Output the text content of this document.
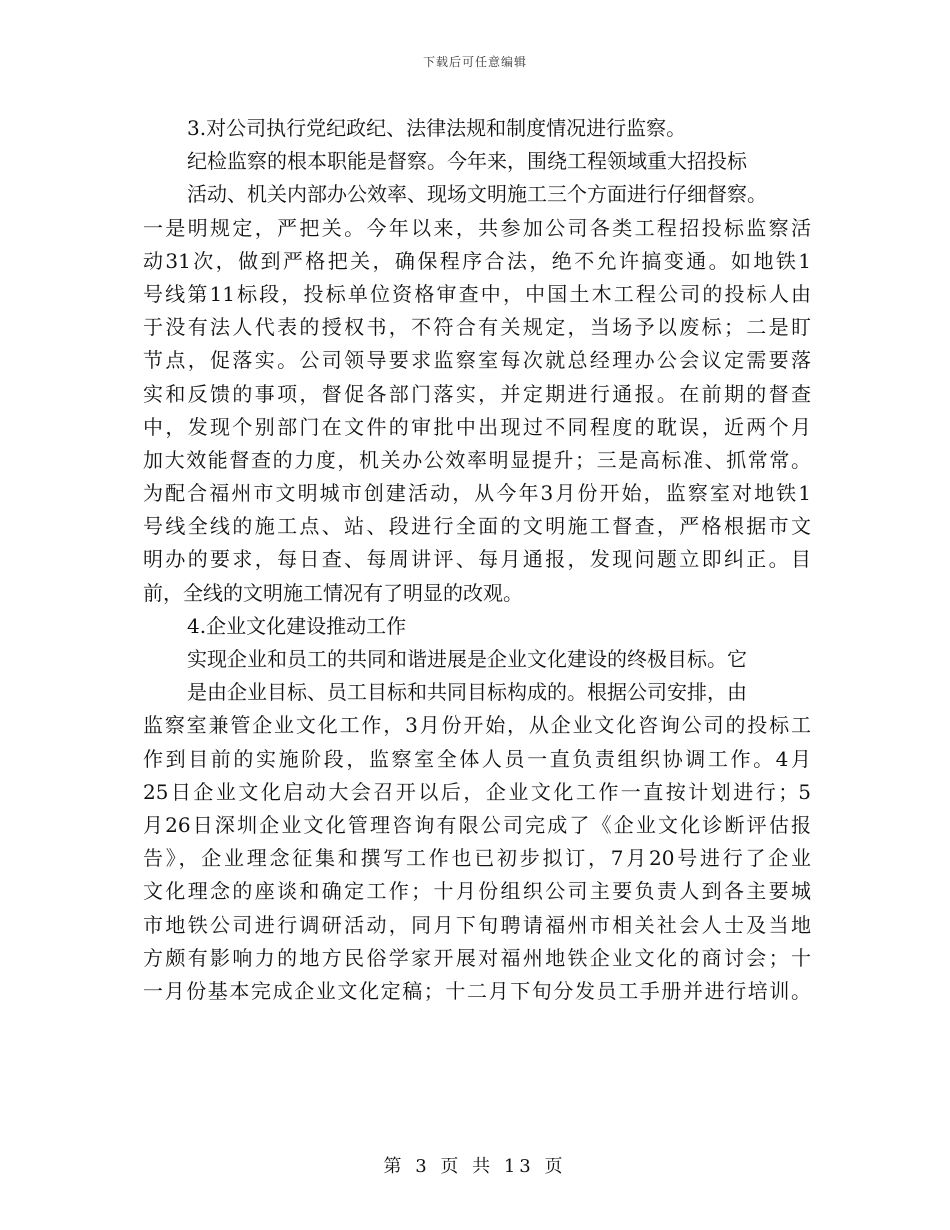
下载后可任意编辑
3.对公司执行党纪政纪、法律法规和制度情况进行监察。
纪检监察的根本职能是督察。今年来，围绕工程领域重大招投标
活动、机关内部办公效率、现场文明施工三个方面进行仔细督察。
一是明规定，严把关。今年以来，共参加公司各类工程招投标监察活
动31次，做到严格把关，确保程序合法，绝不允许搞变通。如地铁1
号线第11标段，投标单位资格审查中，中国土木工程公司的投标人由
于没有法人代表的授权书，不符合有关规定，当场予以废标；二是盯
节点，促落实。公司领导要求监察室每次就总经理办公会议定需要落
实和反馈的事项，督促各部门落实，并定期进行通报。在前期的督查
中，发现个别部门在文件的审批中出现过不同程度的耽误，近两个月
加大效能督查的力度，机关办公效率明显提升；三是高标准、抓常常。
为配合福州市文明城市创建活动，从今年3月份开始，监察室对地铁1
号线全线的施工点、站、段进行全面的文明施工督查，严格根据市文
明办的要求，每日查、每周讲评、每月通报，发现问题立即纠正。目
前，全线的文明施工情况有了明显的改观。
4.企业文化建设推动工作
实现企业和员工的共同和谐进展是企业文化建设的终极目标。它
是由企业目标、员工目标和共同目标构成的。根据公司安排，由
监察室兼管企业文化工作，3月份开始，从企业文化咨询公司的投标工
作到目前的实施阶段，监察室全体人员一直负责组织协调工作。4月
25日企业文化启动大会召开以后，企业文化工作一直按计划进行；5
月26日深圳企业文化管理咨询有限公司完成了《企业文化诊断评估报
告》，企业理念征集和撰写工作也已初步拟订，7月20号进行了企业
文化理念的座谈和确定工作；十月份组织公司主要负责人到各主要城
市地铁公司进行调研活动，同月下旬聘请福州市相关社会人士及当地
方颇有影响力的地方民俗学家开展对福州地铁企业文化的商讨会；十
一月份基本完成企业文化定稿；十二月下旬分发员工手册并进行培训。
第 3 页 共 13 页
